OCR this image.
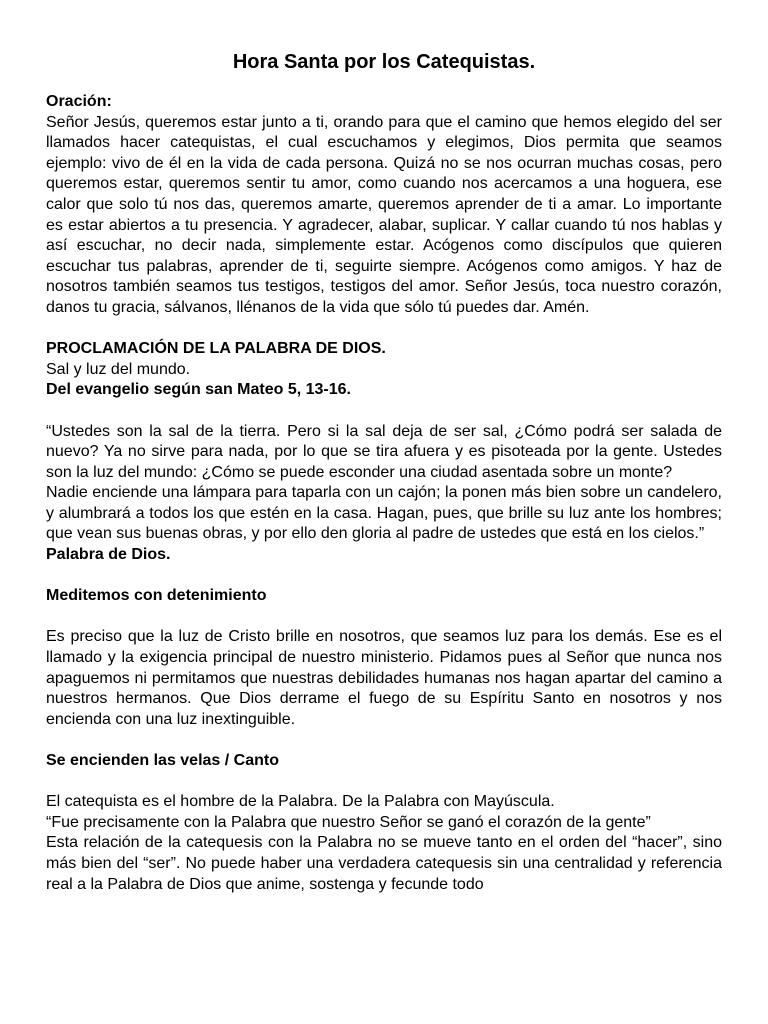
Hora Santa por los Catequistas.

Oración:

Señor Jesús, queremos estar junto a ti, orando para que el camino que hemos elegido del ser llamados hacer catequistas, el cual escuchamos y elegimos, Dios permita que seamos ejemplo: vivo de él en la vida de cada persona. Quizá no se nos ocurran muchas cosas, pero queremos estar, queremos sentir tu amor, como cuando nos acercamos a una hoguera, ese calor que solo tú nos das, queremos amarte, queremos aprender de ti a amar. Lo importante es estar abiertos a tu presencia. Y agradecer, alabar, suplicar. Y callar cuando tú nos hablas y así escuchar, no decir nada, simplemente estar. Acógenos como discípulos que quieren escuchar tus palabras, aprender de ti, seguirte siempre. Acógenos como amigos. Y haz de nosotros también seamos tus testigos, testigos del amor. Señor Jesús, toca nuestro corazón, danos tu gracia, sálvanos, llénanos de la vida que sólo tú puedes dar. Amén.

PROCLAMACIÓN DE LA PALABRA DE DIOS.

Sal y luz del mundo.

Del evangelio según san Mateo 5, 13-16.

“Ustedes son la sal de la tierra. Pero si la sal deja de ser sal, ¿Cómo podrá ser salada de nuevo? Ya no sirve para nada, por lo que se tira afuera y es pisoteada por la gente. Ustedes son la luz del mundo: ¿Cómo se puede esconder una ciudad asentada sobre un monte?

Nadie enciende una lámpara para taparla con un cajón; la ponen más bien sobre un candelero, y alumbrará a todos los que estén en la casa. Hagan, pues, que brille su luz ante los hombres; que vean sus buenas obras, y por ello den gloria al padre de ustedes que está en los cielos.”

Palabra de Dios.

Meditemos con detenimiento

Es preciso que la luz de Cristo brille en nosotros, que seamos luz para los demás. Ese es el llamado y la exigencia principal de nuestro ministerio. Pidamos pues al Señor que nunca nos apaguemos ni permitamos que nuestras debilidades humanas nos hagan apartar del camino a nuestros hermanos. Que Dios derrame el fuego de su Espíritu Santo en nosotros y nos encienda con una luz inextinguible.

Se encienden las velas / Canto

El catequista es el hombre de la Palabra. De la Palabra con Mayúscula.

“Fue precisamente con la Palabra que nuestro Señor se ganó el corazón de la gente”

Esta relación de la catequesis con la Palabra no se mueve tanto en el orden del “hacer”, sino más bien del “ser”. No puede haber una verdadera catequesis sin una centralidad y referencia real a la Palabra de Dios que anime, sostenga y fecunde todo
